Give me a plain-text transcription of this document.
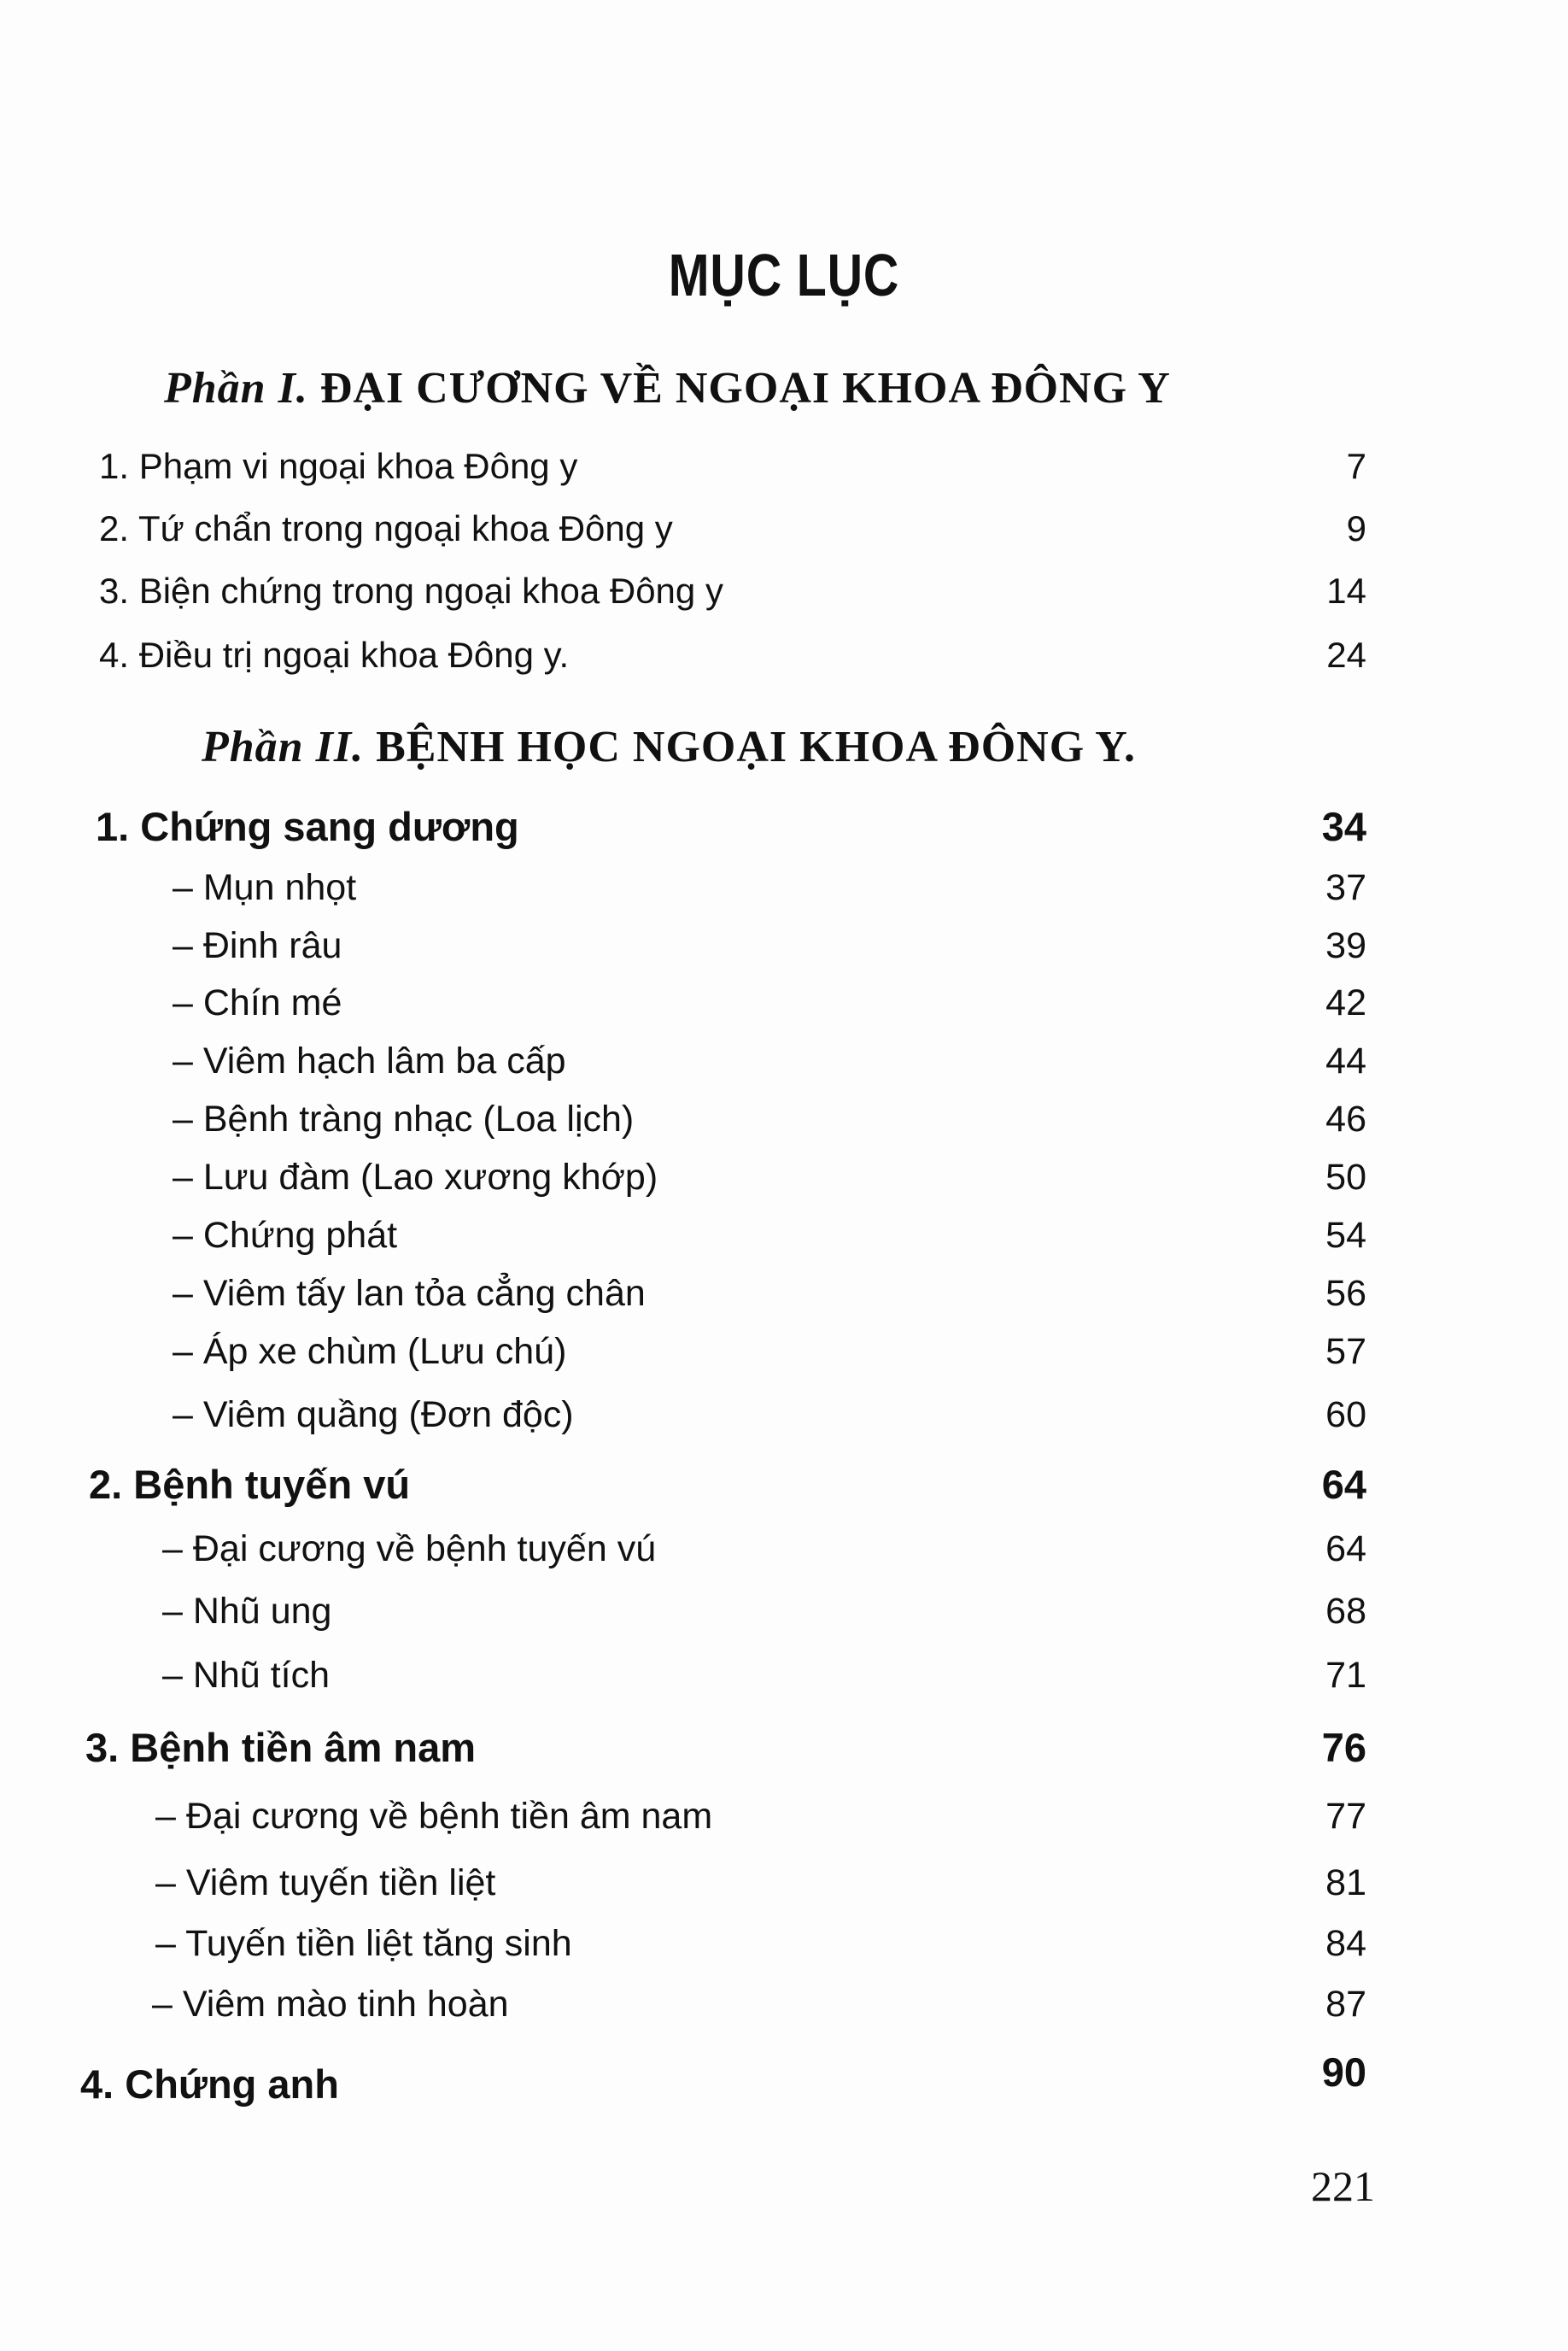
MỤC LỤC
Phần I. ĐẠI CƯƠNG VỀ NGOẠI KHOA ĐÔNG Y
1. Phạm vi ngoại khoa Đông y	7
2. Tứ chẩn trong ngoại khoa Đông y	9
3. Biện chứng trong ngoại khoa Đông y	14
4. Điều trị ngoại khoa Đông y.	24
Phần II. BỆNH HỌC NGOẠI KHOA ĐÔNG Y.
1. Chứng sang dương	34
– Mụn nhọt	37
– Đinh râu	39
– Chín mé	42
– Viêm hạch lâm ba cấp	44
– Bệnh tràng nhạc (Loa lịch)	46
– Lưu đàm (Lao xương khớp)	50
– Chứng phát	54
– Viêm tấy lan tỏa cẳng chân	56
– Áp xe chùm (Lưu chú)	57
– Viêm quầng (Đơn độc)	60
2. Bệnh tuyến vú	64
– Đại cương về bệnh tuyến vú	64
– Nhũ ung	68
– Nhũ tích	71
3. Bệnh tiền âm nam	76
– Đại cương về bệnh tiền âm nam	77
– Viêm tuyến tiền liệt	81
– Tuyến tiền liệt tăng sinh	84
– Viêm mào tinh hoàn	87
4. Chứng anh	90
221
